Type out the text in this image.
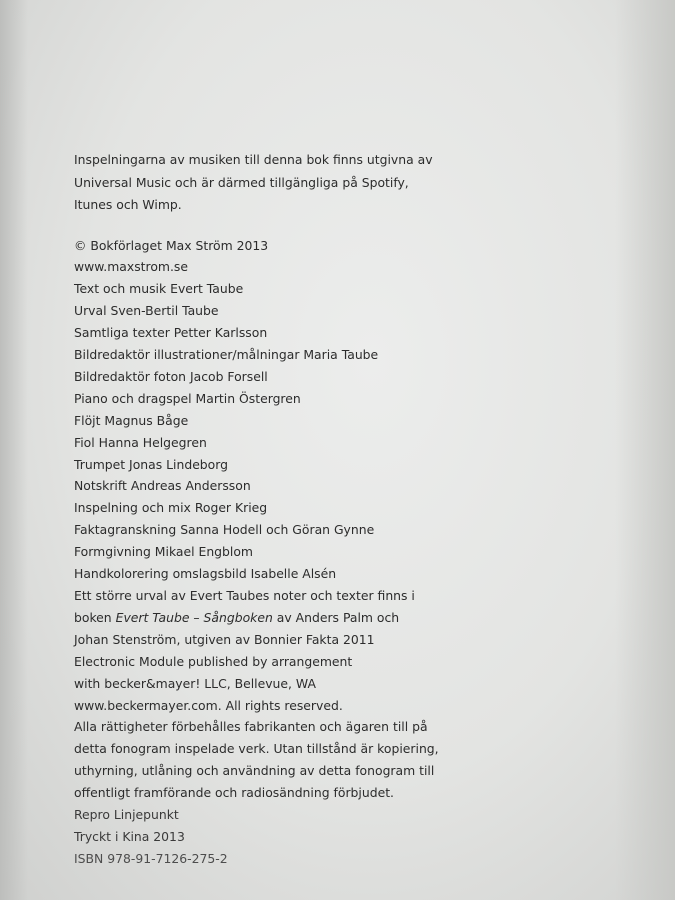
Inspelningarna av musiken till denna bok finns utgivna av

Universal Music och är därmed tillgängliga på Spotify,

Itunes och Wimp.

© Bokförlaget Max Ström 2013
www.maxstrom.se
Text och musik Evert Taube
Urval Sven-Bertil Taube
Samtliga texter Petter Karlsson
Bildredaktör illustrationer/målningar Maria Taube
Bildredaktör foton Jacob Forsell
Piano och dragspel Martin Östergren
Flöjt Magnus Båge
Fiol Hanna Helgegren
Trumpet Jonas Lindeborg
Notskrift Andreas Andersson
Inspelning och mix Roger Krieg
Faktagranskning Sanna Hodell och Göran Gynne
Formgivning Mikael Engblom
Handkolorering omslagsbild Isabelle Alsén
Ett större urval av Evert Taubes noter och texter finns i
boken Evert Taube – Sångboken av Anders Palm och
Johan Stenström, utgiven av Bonnier Fakta 2011
Electronic Module published by arrangement
with becker&mayer! LLC, Bellevue, WA
www.beckermayer.com. All rights reserved.
Alla rättigheter förbehålles fabrikanten och ägaren till på
detta fonogram inspelade verk. Utan tillstånd är kopiering,
uthyrning, utlåning och användning av detta fonogram till
offentligt framförande och radiosändning förbjudet.
Repro Linjepunkt
Tryckt i Kina 2013
ISBN 978-91-7126-275-2
